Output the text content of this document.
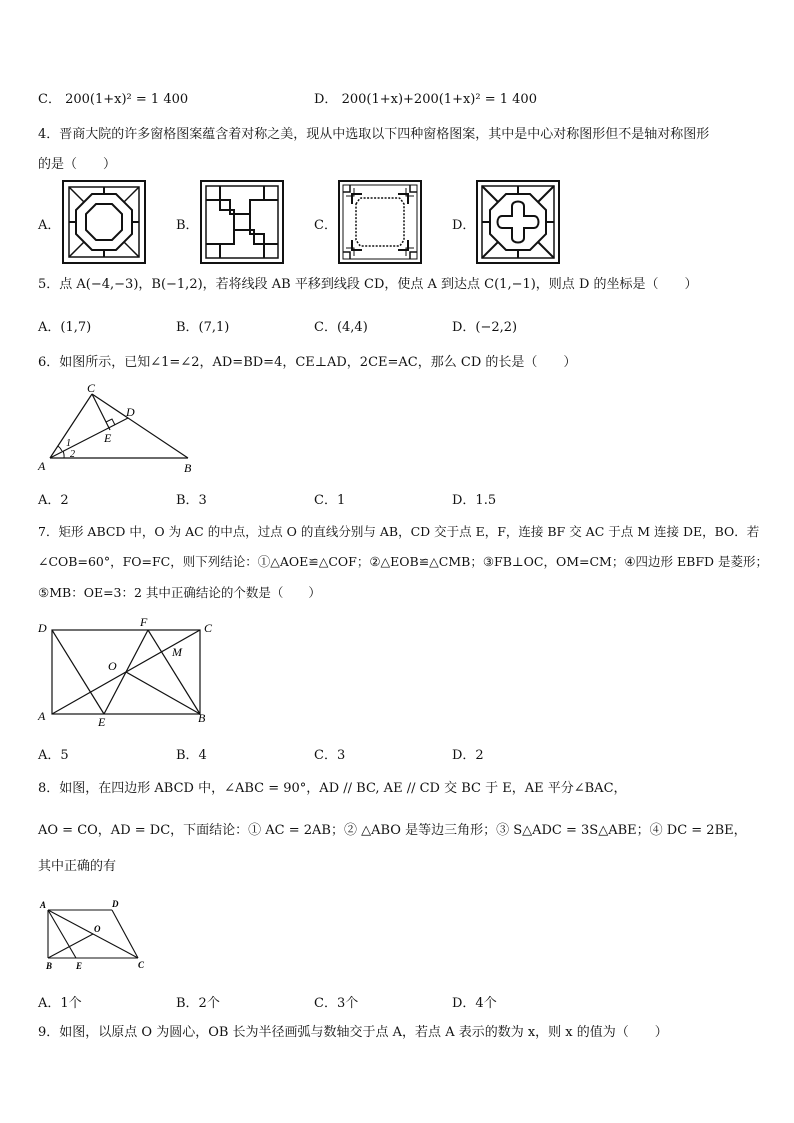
C． 200(1+x)² = 1 400	D． 200(1+x)+200(1+x)² = 1 400
4．晋商大院的许多窗格图案蕴含着对称之美，现从中选取以下四种窗格图案，其中是中心对称图形但不是轴对称图形
的是（　　）
A．	B．	C．	D．
5．点 A(−4,−3)，B(−1,2)，若将线段 AB 平移到线段 CD，使点 A 到达点 C(1,−1)，则点 D 的坐标是（　　）
A．(1,7)	B．(7,1)	C．(4,4)	D．(−2,2)
6．如图所示，已知∠1=∠2，AD=BD=4，CE⊥AD，2CE=AC，那么 CD 的长是（　　）
A	B
C
D
E
1
2
A．2	B．3	C．1	D．1.5
7．矩形 ABCD 中，O 为 AC 的中点，过点 O 的直线分别与 AB，CD 交于点 E，F，连接 BF 交 AC 于点 M 连接 DE，BO．若
∠COB=60°，FO=FC，则下列结论：①△AOE≌△COF；②△EOB≌△CMB；③FB⊥OC，OM=CM；④四边形 EBFD 是菱形；
⑤MB：OE=3：2 其中正确结论的个数是（　　）
D	C
A	B
E
F
O
M
A．5	B．4	C．3	D．2
8．如图，在四边形 ABCD 中，∠ABC = 90°，AD // BC, AE // CD 交 BC 于 E，AE 平分∠BAC，
AO = CO，AD = DC，下面结论：① AC = 2AB；② △ABO 是等边三角形；③ S△ADC = 3S△ABE；④ DC = 2BE，
其中正确的有
A	D
B	E	C
O
A．1个	B．2个	C．3个	D．4个
9．如图，以原点 O 为圆心，OB 长为半径画弧与数轴交于点 A，若点 A 表示的数为 x，则 x 的值为（　　）
